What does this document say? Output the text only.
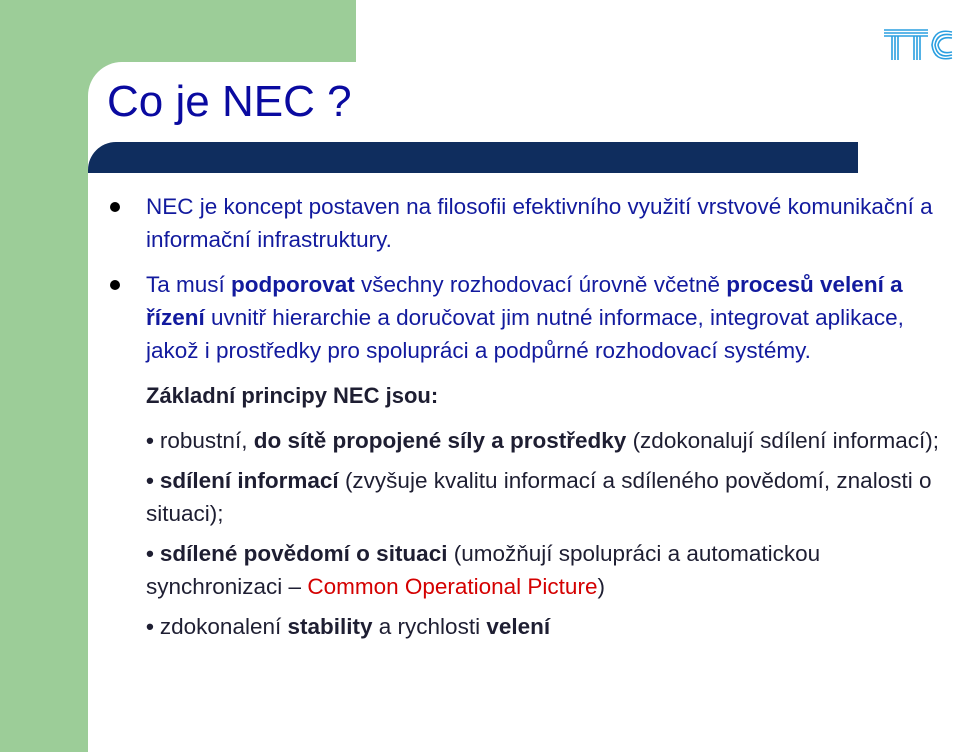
Co je NEC ?

NEC je koncept postaven na filosofii efektivního využití vrstvové komunikační a informační infrastruktury.

Ta musí podporovat všechny rozhodovací úrovně včetně procesů velení a řízení uvnitř hierarchie a doručovat jim nutné informace, integrovat aplikace, jakož i prostředky pro spolupráci a podpůrné rozhodovací systémy.

Základní principy NEC jsou:
• robustní, do sítě propojené síly a prostředky (zdokonalují sdílení informací);
• sdílení informací (zvyšuje kvalitu informací a sdíleného povědomí, znalosti o situaci);
• sdílené povědomí o situaci (umožňují spolupráci a automatickou synchronizaci – Common Operational Picture)
• zdokonalení stability a rychlosti velení
